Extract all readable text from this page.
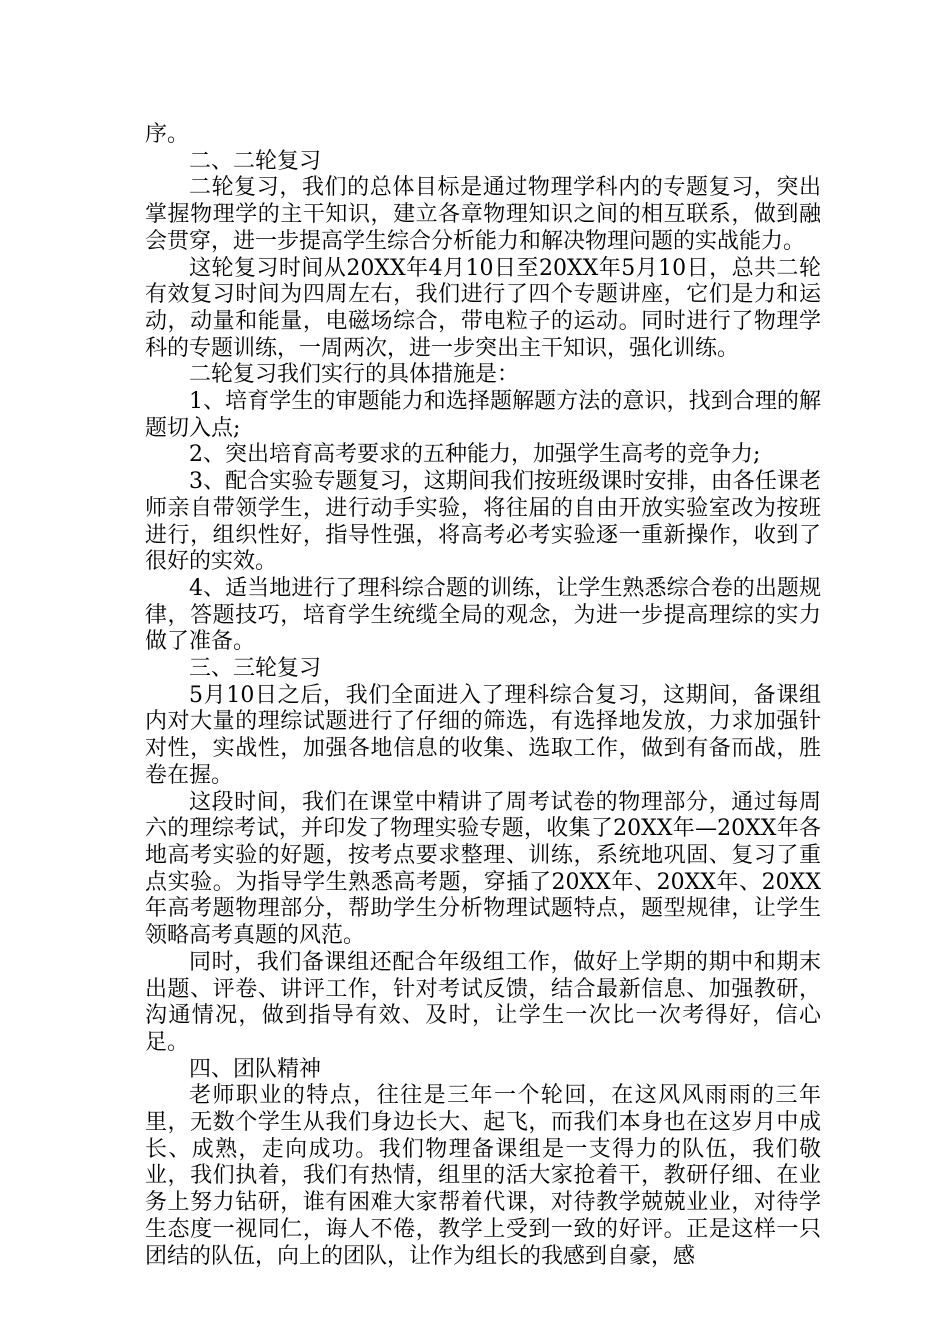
序。

二、二轮复习

二轮复习，我们的总体目标是通过物理学科内的专题复习，突出掌握物理学的主干知识，建立各章物理知识之间的相互联系，做到融会贯穿，进一步提高学生综合分析能力和解决物理问题的实战能力。

这轮复习时间从20XX年4月10日至20XX年5月10日，总共二轮有效复习时间为四周左右，我们进行了四个专题讲座，它们是力和运动，动量和能量，电磁场综合，带电粒子的运动。同时进行了物理学科的专题训练，一周两次，进一步突出主干知识，强化训练。

二轮复习我们实行的具体措施是：

1、培育学生的审题能力和选择题解题方法的意识，找到合理的解题切入点;

2、突出培育高考要求的五种能力，加强学生高考的竞争力;

3、配合实验专题复习，这期间我们按班级课时安排，由各任课老师亲自带领学生，进行动手实验，将往届的自由开放实验室改为按班进行，组织性好，指导性强，将高考必考实验逐一重新操作，收到了很好的实效。

4、适当地进行了理科综合题的训练，让学生熟悉综合卷的出题规律，答题技巧，培育学生统缆全局的观念，为进一步提高理综的实力做了准备。

三、三轮复习

5月10日之后，我们全面进入了理科综合复习，这期间，备课组内对大量的理综试题进行了仔细的筛选，有选择地发放，力求加强针对性，实战性，加强各地信息的收集、选取工作，做到有备而战，胜卷在握。

这段时间，我们在课堂中精讲了周考试卷的物理部分，通过每周六的理综考试，并印发了物理实验专题，收集了20XX年—20XX年各地高考实验的好题，按考点要求整理、训练，系统地巩固、复习了重点实验。为指导学生熟悉高考题，穿插了20XX年、20XX年、20XX年高考题物理部分，帮助学生分析物理试题特点，题型规律，让学生领略高考真题的风范。

同时，我们备课组还配合年级组工作，做好上学期的期中和期末出题、评卷、讲评工作，针对考试反馈，结合最新信息、加强教研，沟通情况，做到指导有效、及时，让学生一次比一次考得好，信心足。

四、团队精神

老师职业的特点，往往是三年一个轮回，在这风风雨雨的三年里，无数个学生从我们身边长大、起飞，而我们本身也在这岁月中成长、成熟，走向成功。我们物理备课组是一支得力的队伍，我们敬业，我们执着，我们有热情，组里的活大家抢着干，教研仔细、在业务上努力钻研，谁有困难大家帮着代课，对待教学兢兢业业，对待学生态度一视同仁，诲人不倦，教学上受到一致的好评。正是这样一只团结的队伍，向上的团队，让作为组长的我感到自豪，感
